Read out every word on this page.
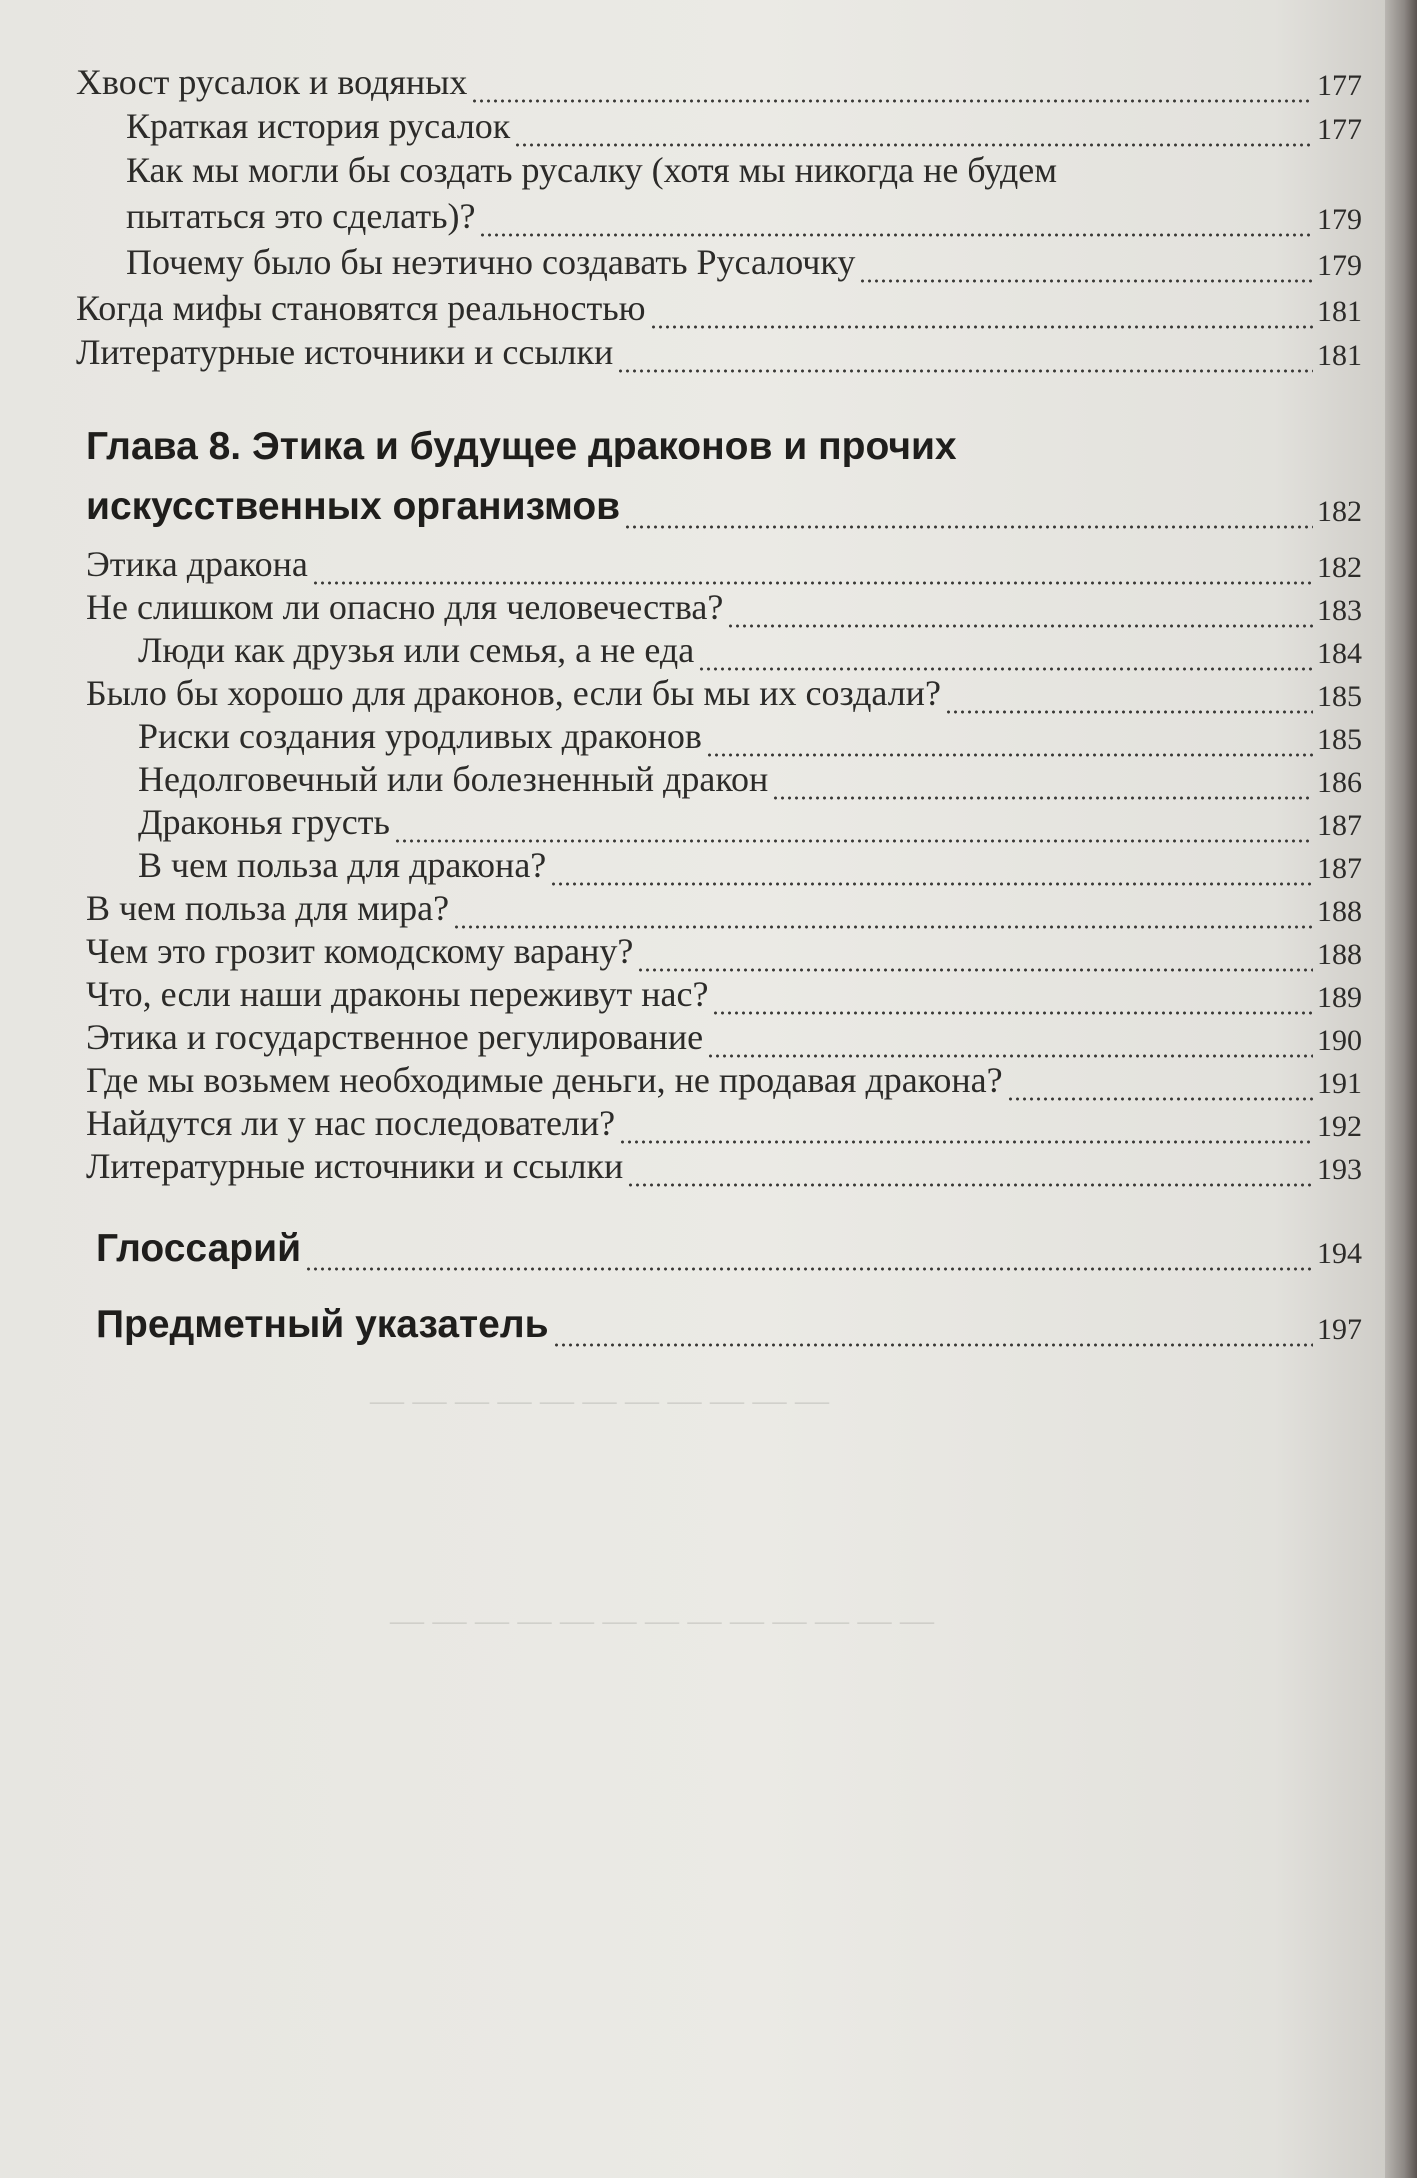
— — — — — — — — — — —
— — — — — — — — — — — — —
Хвост русалок и водяных	177
Краткая история русалок	177
Как мы могли бы создать русалку (хотя мы никогда не будем
пытаться это сделать)?	179
Почему было бы неэтично создавать Русалочку	179
Когда мифы становятся реальностью	181
Литературные источники и ссылки	181
Глава 8. Этика и будущее драконов и прочих
искусственных организмов	182
Этика дракона	182
Не слишком ли опасно для человечества?	183
Люди как друзья или семья, а не еда	184
Было бы хорошо для драконов, если бы мы их создали?	185
Риски создания уродливых драконов	185
Недолговечный или болезненный дракон	186
Драконья грусть	187
В чем польза для дракона?	187
В чем польза для мира?	188
Чем это грозит комодскому варану?	188
Что, если наши драконы переживут нас?	189
Этика и государственное регулирование	190
Где мы возьмем необходимые деньги, не продавая дракона?	191
Найдутся ли у нас последователи?	192
Литературные источники и ссылки	193
Глоссарий	194
Предметный указатель	197
